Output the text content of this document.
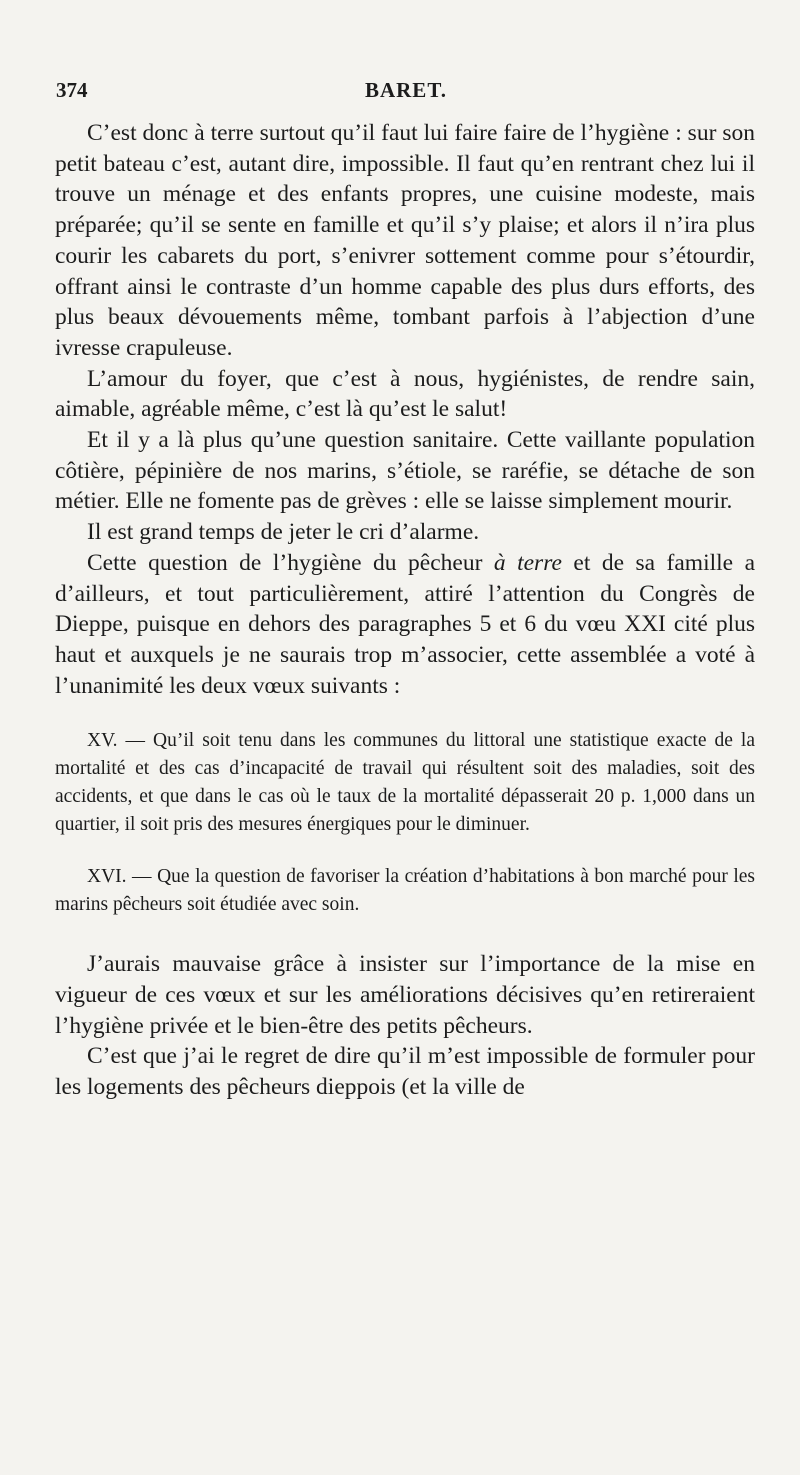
374	BARET.

C’est donc à terre surtout qu’il faut lui faire faire de l’hygiène : sur son petit bateau c’est, autant dire, impossible. Il faut qu’en rentrant chez lui il trouve un ménage et des enfants propres, une cuisine modeste, mais préparée; qu’il se sente en famille et qu’il s’y plaise; et alors il n’ira plus courir les cabarets du port, s’enivrer sottement comme pour s’étourdir, offrant ainsi le contraste d’un homme capable des plus durs efforts, des plus beaux dévouements même, tombant parfois à l’abjection d’une ivresse crapuleuse.

L’amour du foyer, que c’est à nous, hygiénistes, de rendre sain, aimable, agréable même, c’est là qu’est le salut!

Et il y a là plus qu’une question sanitaire. Cette vaillante population côtière, pépinière de nos marins, s’étiole, se raréfie, se détache de son métier. Elle ne fomente pas de grèves : elle se laisse simplement mourir.

Il est grand temps de jeter le cri d’alarme.

Cette question de l’hygiène du pêcheur à terre et de sa famille a d’ailleurs, et tout particulièrement, attiré l’attention du Congrès de Dieppe, puisque en dehors des paragraphes 5 et 6 du vœu XXI cité plus haut et auxquels je ne saurais trop m’associer, cette assemblée a voté à l’unanimité les deux vœux suivants :

XV. — Qu’il soit tenu dans les communes du littoral une statistique exacte de la mortalité et des cas d’incapacité de travail qui résultent soit des maladies, soit des accidents, et que dans le cas où le taux de la mortalité dépasserait 20 p. 1,000 dans un quartier, il soit pris des mesures énergiques pour le diminuer.

XVI. — Que la question de favoriser la création d’habitations à bon marché pour les marins pêcheurs soit étudiée avec soin.

J’aurais mauvaise grâce à insister sur l’importance de la mise en vigueur de ces vœux et sur les améliorations décisives qu’en retireraient l’hygiène privée et le bien-être des petits pêcheurs.

C’est que j’ai le regret de dire qu’il m’est impossible de formuler pour les logements des pêcheurs dieppois (et la ville de
